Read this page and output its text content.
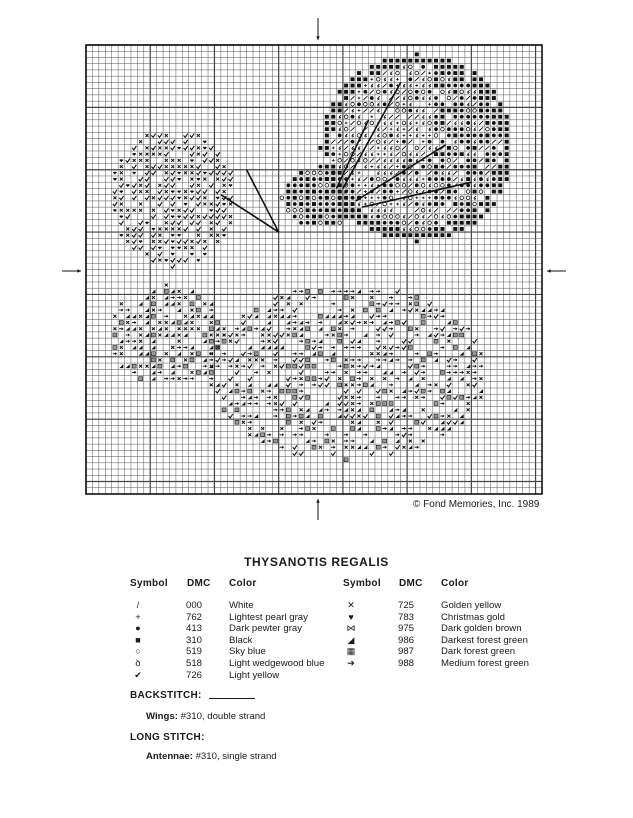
© Fond Memories, Inc. 1989
THYSANOTIS REGALIS
Symbol DMC Color	Symbol DMC Color
/	000	White
+	762	Lightest pearl gray
●	413	Dark pewter gray
■	310	Black
○	519	Sky blue
ꝺ	518	Light wedgewood blue
✔	726	Light yellow
✕	725	Golden yellow
♥	783	Christmas gold
⋈	975	Dark golden brown
◢	986	Darkest forest green
▦	987	Dark forest green
➔	988	Medium forest green
BACKSTITCH:
Wings: #310, double strand
LONG STITCH:
Antennae: #310, single strand
